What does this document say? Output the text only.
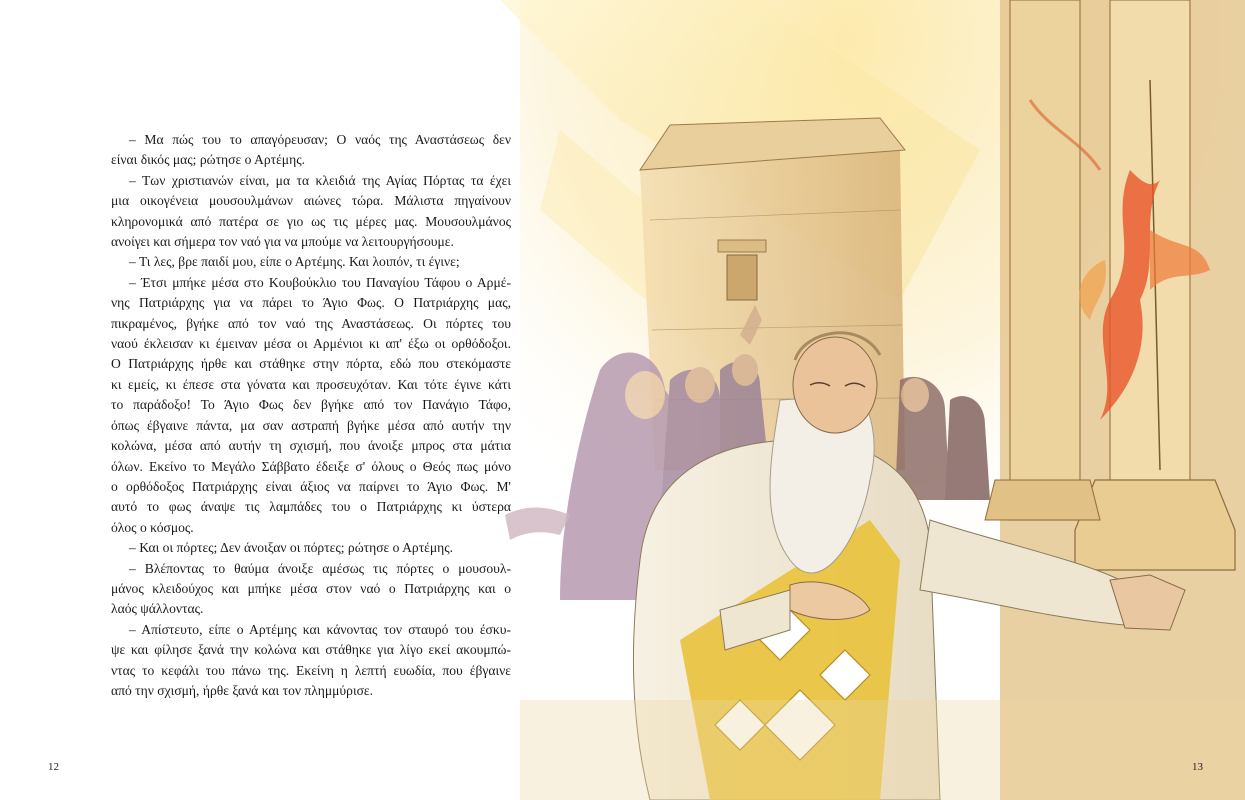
– Μα πώς του το απαγόρευσαν; Ο ναός της Αναστάσεως δεν
είναι δικός μας; ρώτησε ο Αρτέμης.

– Των χριστιανών είναι, μα τα κλειδιά της Αγίας Πόρτας τα έχει
μια οικογένεια μουσουλμάνων αιώνες τώρα. Μάλιστα πηγαίνουν
κληρονομικά από πατέρα σε γιο ως τις μέρες μας. Μουσουλμάνος
ανοίγει και σήμερα τον ναό για να μπούμε να λειτουργήσουμε.

– Τι λες, βρε παιδί μου, είπε ο Αρτέμης. Και λοιπόν, τι έγινε;

– Έτσι μπήκε μέσα στο Κουβούκλιο του Παναγίου Τάφου ο Αρμέ-
νης Πατριάρχης για να πάρει το Άγιο Φως. Ο Πατριάρχης μας,
πικραμένος, βγήκε από τον ναό της Αναστάσεως. Οι πόρτες του
ναού έκλεισαν κι έμειναν μέσα οι Αρμένιοι κι απ' έξω οι ορθόδοξοι.
Ο Πατριάρχης ήρθε και στάθηκε στην πόρτα, εδώ που στεκόμαστε
κι εμείς, κι έπεσε στα γόνατα και προσευχόταν. Και τότε έγινε κάτι
το παράδοξο! Το Άγιο Φως δεν βγήκε από τον Πανάγιο Τάφο,
όπως έβγαινε πάντα, μα σαν αστραπή βγήκε μέσα από αυτήν την
κολώνα, μέσα από αυτήν τη σχισμή, που άνοιξε μπρος στα μάτια
όλων. Εκείνο το Μεγάλο Σάββατο έδειξε σ' όλους ο Θεός πως μόνο
ο ορθόδοξος Πατριάρχης είναι άξιος να παίρνει το Άγιο Φως. Μ'
αυτό το φως άναψε τις λαμπάδες του ο Πατριάρχης κι ύστερα
όλος ο κόσμος.

– Και οι πόρτες; Δεν άνοιξαν οι πόρτες; ρώτησε ο Αρτέμης.

– Βλέποντας το θαύμα άνοιξε αμέσως τις πόρτες ο μουσουλ-
μάνος κλειδούχος και μπήκε μέσα στον ναό ο Πατριάρχης και ο
λαός ψάλλοντας.

– Απίστευτο, είπε ο Αρτέμης και κάνοντας τον σταυρό του έσκυ-
ψε και φίλησε ξανά την κολώνα και στάθηκε για λίγο εκεί ακουμπώ-
ντας το κεφάλι του πάνω της. Εκείνη η λεπτή ευωδία, που έβγαινε
από την σχισμή, ήρθε ξανά και τον πλημμύρισε.

12	13
